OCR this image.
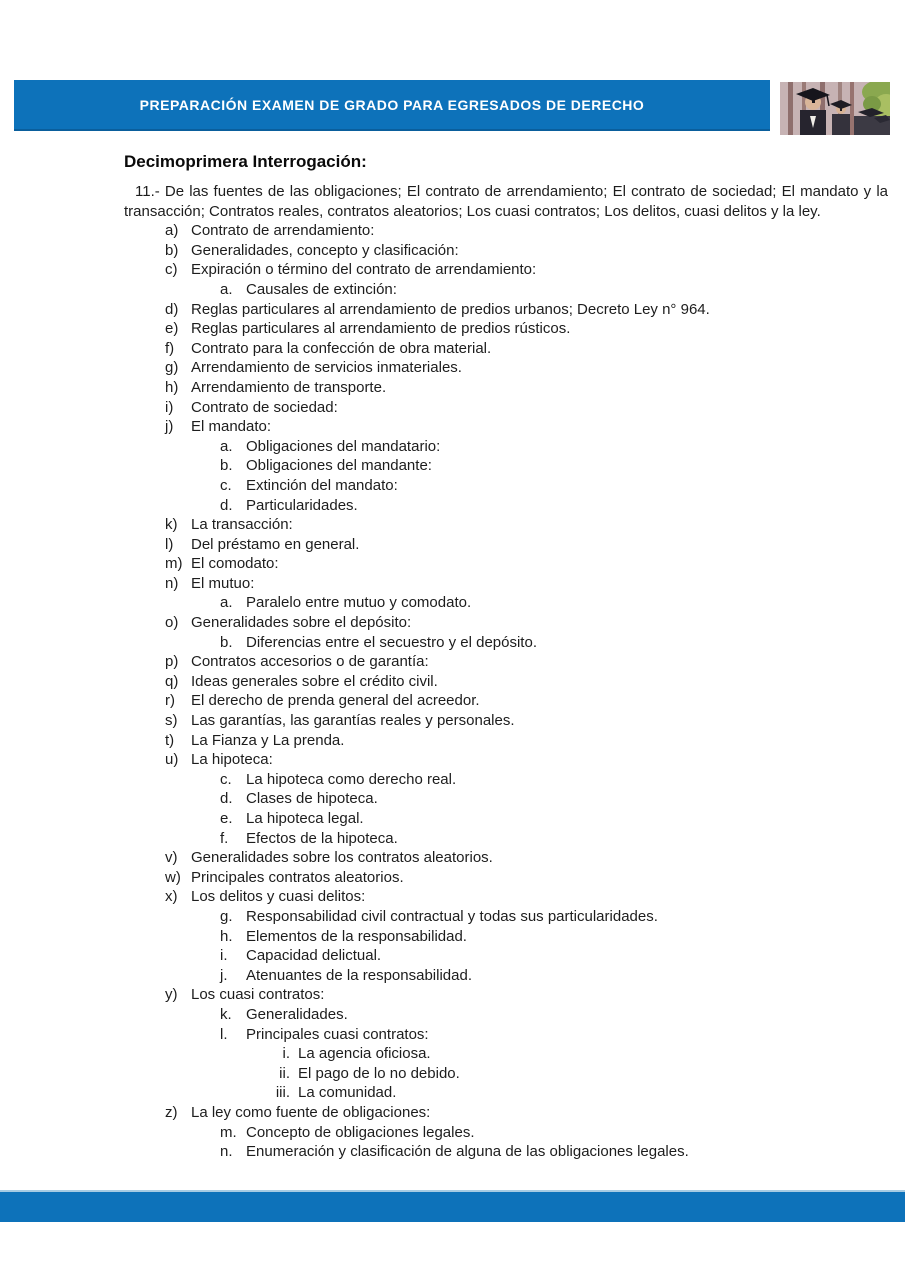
PREPARACIÓN EXAMEN DE GRADO PARA EGRESADOS DE DERECHO
Decimoprimera Interrogación:
11.- De las fuentes de las obligaciones; El contrato de arrendamiento; El contrato de sociedad; El mandato y la transacción; Contratos reales, contratos aleatorios; Los cuasi contratos; Los delitos, cuasi delitos y la ley.
a) Contrato de arrendamiento:
b) Generalidades, concepto y clasificación:
c) Expiración o término del contrato de arrendamiento:
a. Causales de extinción:
d) Reglas particulares al arrendamiento de predios urbanos; Decreto Ley n° 964.
e) Reglas particulares al arrendamiento de predios rústicos.
f)	Contrato para la confección de obra material.
g) Arrendamiento de servicios inmateriales.
h) Arrendamiento de transporte.
i)	Contrato de sociedad:
j)	El mandato:
a. Obligaciones del mandatario:
b. Obligaciones del mandante:
c. Extinción del mandato:
d. Particularidades.
k) La transacción:
l)	Del préstamo en general.
m) El comodato:
n) El mutuo:
a. Paralelo entre mutuo y comodato.
o) Generalidades sobre el depósito:
b. Diferencias entre el secuestro y el depósito.
p) Contratos accesorios o de garantía:
q) Ideas generales sobre el crédito civil.
r)	El derecho de prenda general del acreedor.
s) Las garantías, las garantías reales y personales.
t)	La Fianza y La prenda.
u) La hipoteca:
c. La hipoteca como derecho real.
d. Clases de hipoteca.
e. La hipoteca legal.
f.	Efectos de la hipoteca.
v) Generalidades sobre los contratos aleatorios.
w) Principales contratos aleatorios.
x) Los delitos y cuasi delitos:
g. Responsabilidad civil contractual y todas sus particularidades.
h. Elementos de la responsabilidad.
i.	Capacidad delictual.
j.	Atenuantes de la responsabilidad.
y) Los cuasi contratos:
k. Generalidades.
l.	Principales cuasi contratos:
i. La agencia oficiosa.
ii. El pago de lo no debido.
iii. La comunidad.
z) La ley como fuente de obligaciones:
m. Concepto de obligaciones legales.
n. Enumeración y clasificación de alguna de las obligaciones legales.
